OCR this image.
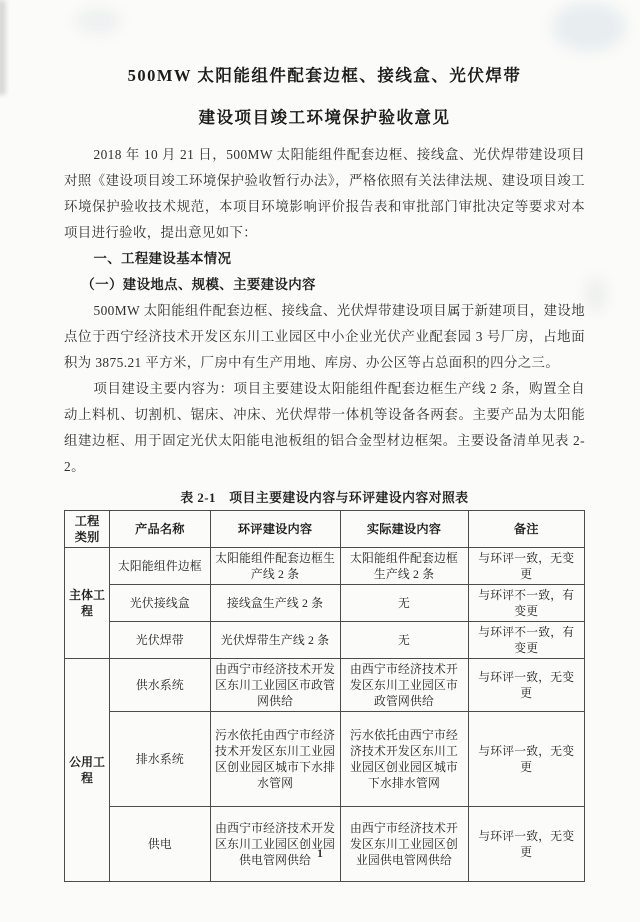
500MW 太阳能组件配套边框、接线盒、光伏焊带

建设项目竣工环境保护验收意见

2018 年 10 月 21 日，500MW 太阳能组件配套边框、接线盒、光伏焊带建设项目对照《建设项目竣工环境保护验收暂行办法》，严格依照有关法律法规、建设项目竣工环境保护验收技术规范，本项目环境影响评价报告表和审批部门审批决定等要求对本项目进行验收，提出意见如下：

一、工程建设基本情况

（一）建设地点、规模、主要建设内容

500MW 太阳能组件配套边框、接线盒、光伏焊带建设项目属于新建项目，建设地点位于西宁经济技术开发区东川工业园区中小企业光伏产业配套园 3 号厂房，占地面积为 3875.21 平方米，厂房中有生产用地、库房、办公区等占总面积的四分之三。

项目建设主要内容为：项目主要建设太阳能组件配套边框生产线 2 条，购置全自动上料机、切割机、锯床、冲床、光伏焊带一体机等设备各两套。主要产品为太阳能组建边框、用于固定光伏太阳能电池板组的铝合金型材边框架。主要设备清单见表 2-2。

表 2-1　项目主要建设内容与环评建设内容对照表

工程类别	产品名称	环评建设内容	实际建设内容	备注
主体工程	太阳能组件边框	太阳能组件配套边框生产线 2 条	太阳能组件配套边框生产线 2 条	与环评一致，无变更
	光伏接线盒	接线盒生产线 2 条	无	与环评不一致，有变更
	光伏焊带	光伏焊带生产线 2 条	无	与环评不一致，有变更
公用工程	供水系统	由西宁市经济技术开发区东川工业园区市政管网供给	由西宁市经济技术开发区东川工业园区市政管网供给	与环评一致，无变更
	排水系统	污水依托由西宁市经济技术开发区东川工业园区创业园区城市下水排水管网	污水依托由西宁市经济技术开发区东川工业园区创业园区城市下水排水管网	与环评一致，无变更
	供电	由西宁市经济技术开发区东川工业园区创业园供电管网供给	由西宁市经济技术开发区东川工业园区创业园供电管网供给	与环评一致，无变更
1
